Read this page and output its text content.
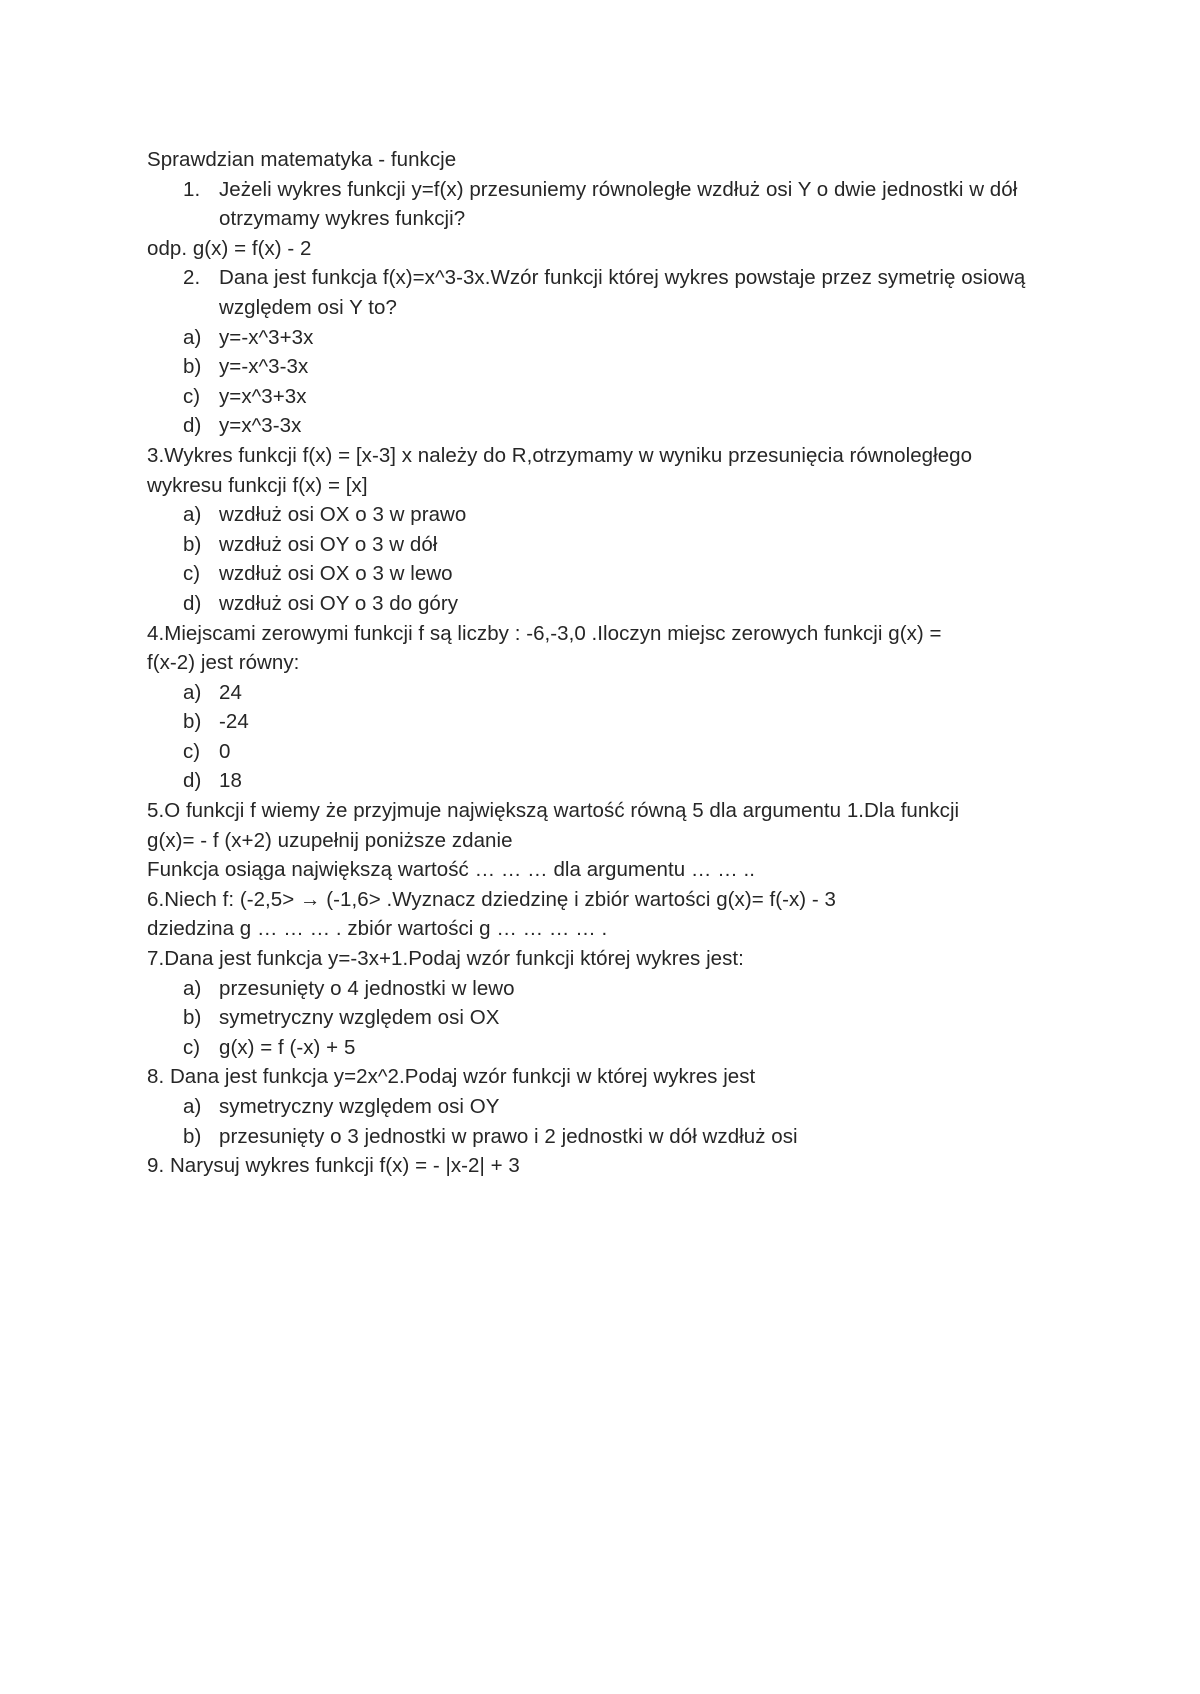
Sprawdzian matematyka - funkcje
1. Jeżeli wykres funkcji y=f(x) przesuniemy równoległe wzdłuż osi Y o dwie jednostki w dół otrzymamy wykres funkcji?
odp. g(x) = f(x) - 2
2. Dana jest funkcja f(x)=x^3-3x.Wzór funkcji której wykres powstaje przez symetrię osiową względem osi Y to?
a) y=-x^3+3x
b) y=-x^3-3x
c) y=x^3+3x
d) y=x^3-3x
3.Wykres funkcji f(x) = [x-3] x należy do R,otrzymamy w wyniku przesunięcia równoległego
wykresu funkcji f(x) = [x]
a) wzdłuż osi OX o 3 w prawo
b) wzdłuż osi OY o 3 w dół
c) wzdłuż osi OX o 3 w lewo
d) wzdłuż osi OY o 3 do góry
4.Miejscami zerowymi funkcji f są liczby : -6,-3,0 .Iloczyn miejsc zerowych funkcji g(x) =
f(x-2) jest równy:
a) 24
b) -24
c) 0
d) 18
5.O funkcji f wiemy że przyjmuje największą wartość równą 5 dla argumentu 1.Dla funkcji
g(x)= - f (x+2) uzupełnij poniższe zdanie
Funkcja osiąga największą wartość … … … dla argumentu … … ..
6.Niech f: (-2,5> → (-1,6> .Wyznacz dziedzinę i zbiór wartości g(x)= f(-x) - 3
dziedzina g … … … . zbiór wartości g … … … … .
7.Dana jest funkcja y=-3x+1.Podaj wzór funkcji której wykres jest:
a) przesunięty o 4 jednostki w lewo
b) symetryczny względem osi OX
c) g(x) = f (-x) + 5
8. Dana jest funkcja y=2x^2.Podaj wzór funkcji w której wykres jest
a) symetryczny względem osi OY
b) przesunięty o 3 jednostki w prawo i 2 jednostki w dół wzdłuż osi
9. Narysuj wykres funkcji f(x) = - |x-2| + 3
